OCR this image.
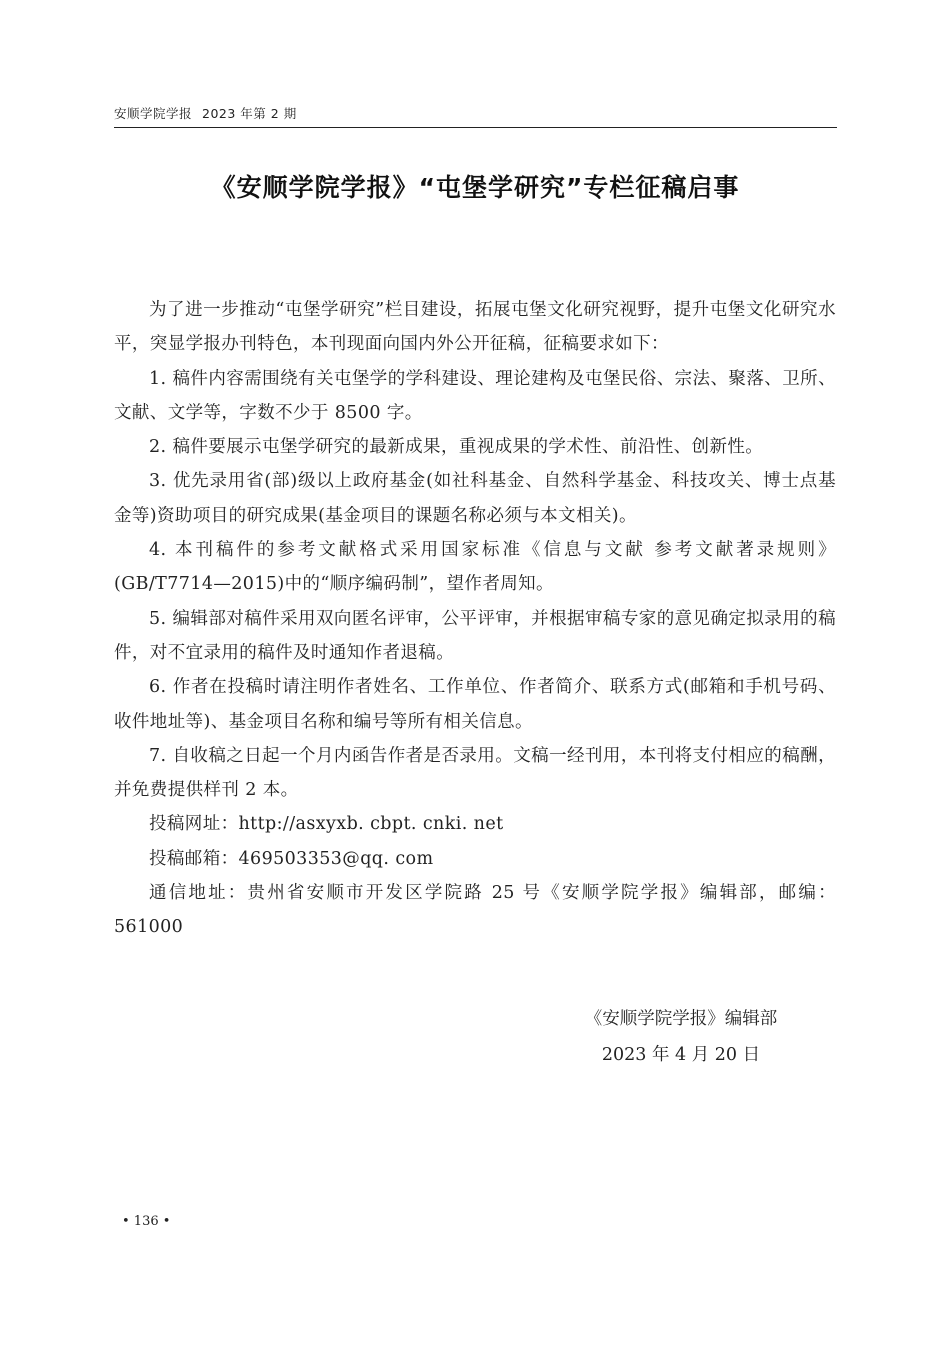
安顺学院学报 2023 年第 2 期
《安顺学院学报》“屯堡学研究”专栏征稿启事

为了进一步推动“屯堡学研究”栏目建设，拓展屯堡文化研究视野，提升屯堡文化研究水平，突显学报办刊特色，本刊现面向国内外公开征稿，征稿要求如下：

1. 稿件内容需围绕有关屯堡学的学科建设、理论建构及屯堡民俗、宗法、聚落、卫所、文献、文学等，字数不少于 8500 字。

2. 稿件要展示屯堡学研究的最新成果，重视成果的学术性、前沿性、创新性。

3. 优先录用省(部)级以上政府基金(如社科基金、自然科学基金、科技攻关、博士点基金等)资助项目的研究成果(基金项目的课题名称必须与本文相关)。

4. 本刊稿件的参考文献格式采用国家标准《信息与文献 参考文献著录规则》(GB/T7714—2015)中的“顺序编码制”，望作者周知。

5. 编辑部对稿件采用双向匿名评审，公平评审，并根据审稿专家的意见确定拟录用的稿件，对不宜录用的稿件及时通知作者退稿。

6. 作者在投稿时请注明作者姓名、工作单位、作者简介、联系方式(邮箱和手机号码、收件地址等)、基金项目名称和编号等所有相关信息。

7. 自收稿之日起一个月内函告作者是否录用。文稿一经刊用，本刊将支付相应的稿酬，并免费提供样刊 2 本。

投稿网址：http://asxyxb. cbpt. cnki. net

投稿邮箱：469503353@qq. com

通信地址：贵州省安顺市开发区学院路 25 号《安顺学院学报》编辑部，邮编：561000

《安顺学院学报》编辑部
2023 年 4 月 20 日
• 136 •
